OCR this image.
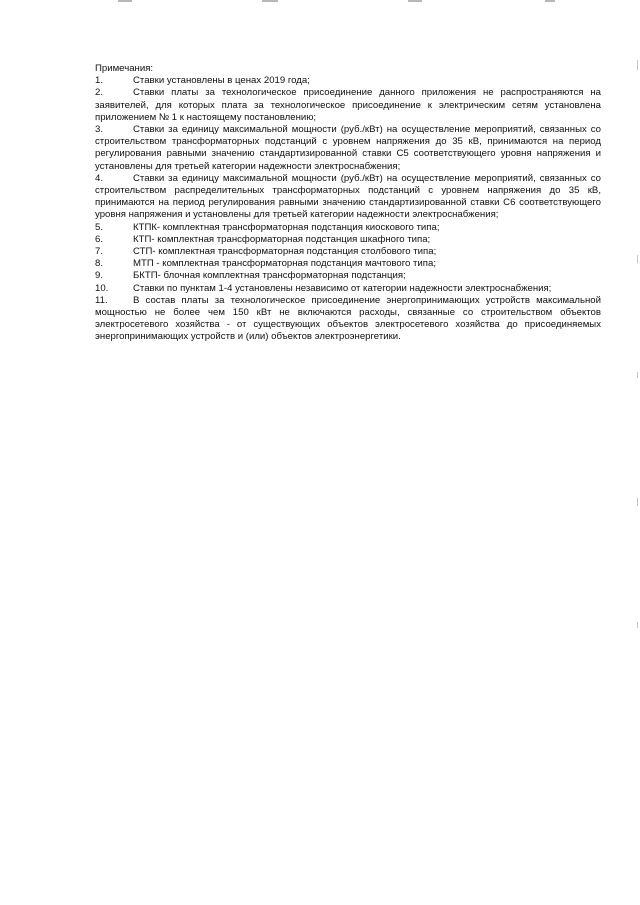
Примечания:

1.	Ставки установлены в ценах 2019 года;
2.	Ставки платы за технологическое присоединение данного приложения не распространяются на заявителей, для которых плата за технологическое присоединение к электрическим сетям установлена приложением № 1 к настоящему постановлению;
3.	Ставки за единицу максимальной мощности (руб./кВт) на осуществление мероприятий, связанных со строительством трансформаторных подстанций с уровнем напряжения до 35 кВ, принимаются на период регулирования равными значению стандартизированной ставки С5 соответствующего уровня напряжения и установлены для третьей категории надежности электроснабжения;
4.	Ставки за единицу максимальной мощности (руб./кВт) на осуществление мероприятий, связанных со строительством распределительных трансформаторных подстанций с уровнем напряжения до 35 кВ, принимаются на период регулирования равными значению стандартизированной ставки С6 соответствующего уровня напряжения и установлены для третьей категории надежности электроснабжения;
5.	КТПК- комплектная трансформаторная подстанция киоскового типа;
6.	КТП- комплектная трансформаторная подстанция шкафного типа;
7.	СТП- комплектная трансформаторная подстанция столбового типа;
8.	МТП - комплектная трансформаторная подстанция мачтового типа;
9.	БКТП- блочная комплектная трансформаторная подстанция;
10.	Ставки по пунктам 1-4 установлены независимо от категории надежности электроснабжения;
11.	В состав платы за технологическое присоединение энергопринимающих устройств максимальной мощностью не более чем 150 кВт не включаются расходы, связанные со строительством объектов электросетевого хозяйства - от существующих объектов электросетевого хозяйства до присоединяемых энергопринимающих устройств и (или) объектов электроэнергетики.
